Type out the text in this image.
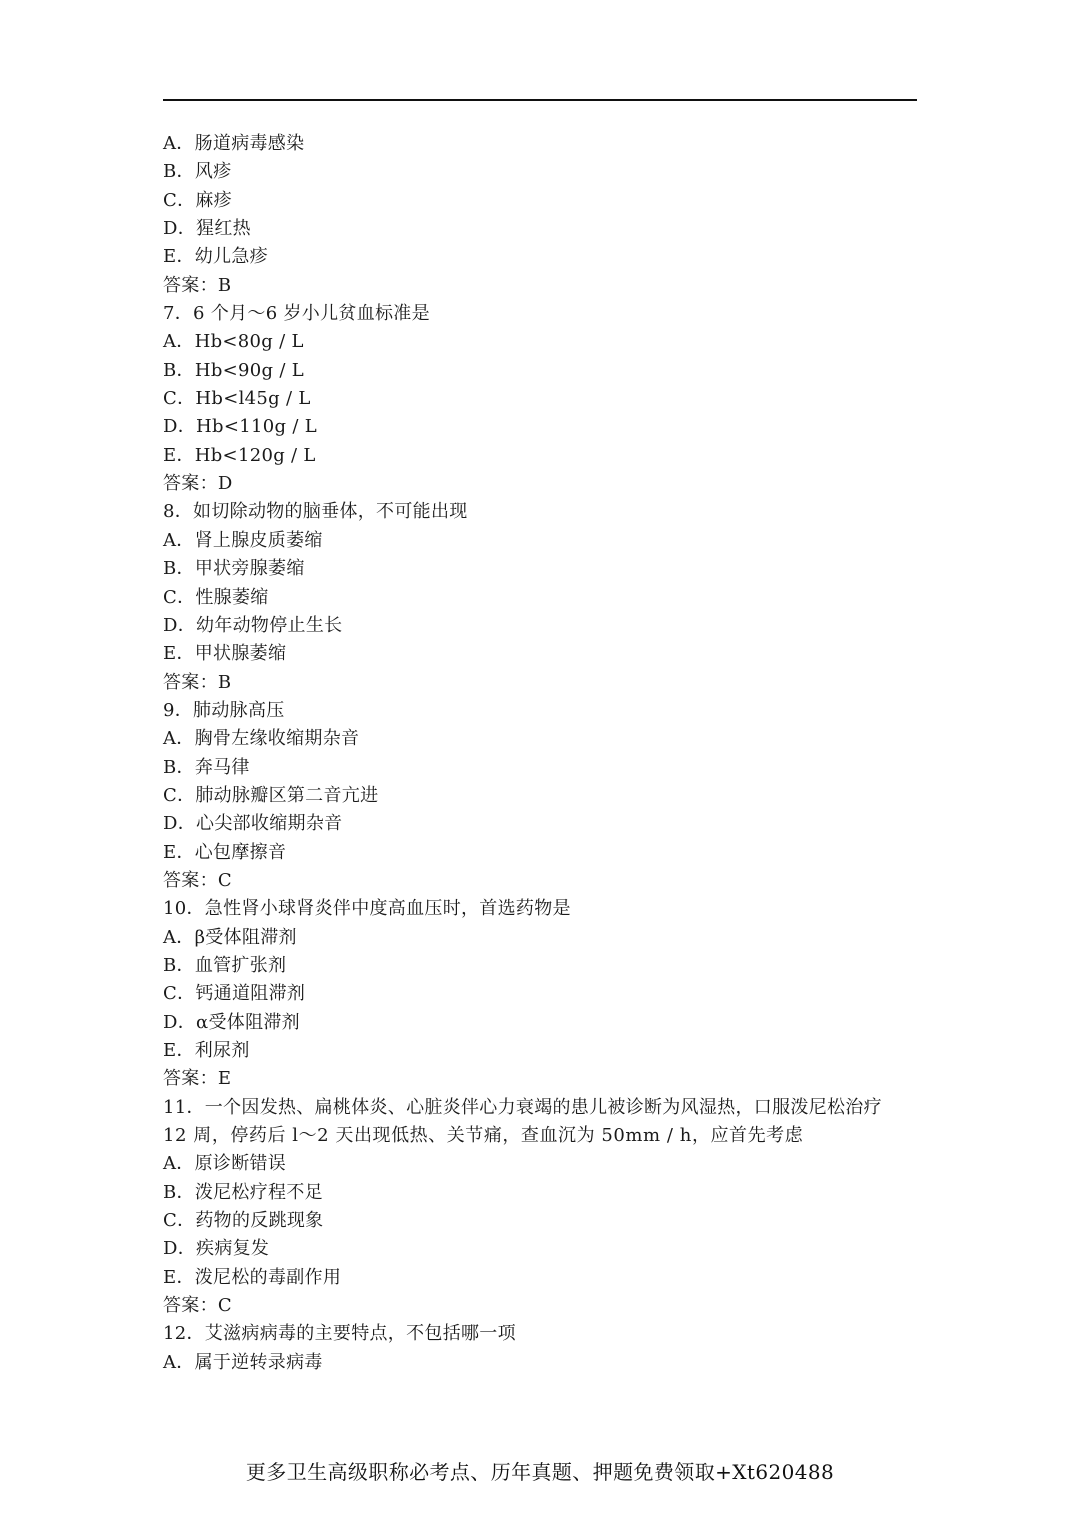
A．肠道病毒感染
B．风疹
C．麻疹
D．猩红热
E．幼儿急疹
答案：B
7．6 个月～6 岁小儿贫血标准是
A．Hb<80g / L
B．Hb<90g / L
C．Hb<l45g / L
D．Hb<110g / L
E．Hb<120g / L
答案：D
8．如切除动物的脑垂体，不可能出现
A．肾上腺皮质萎缩
B．甲状旁腺萎缩
C．性腺萎缩
D．幼年动物停止生长
E．甲状腺萎缩
答案：B
9．肺动脉高压
A．胸骨左缘收缩期杂音
B．奔马律
C．肺动脉瓣区第二音亢进
D．心尖部收缩期杂音
E．心包摩擦音
答案：C
10．急性肾小球肾炎伴中度高血压时，首选药物是
A．β受体阻滞剂
B．血管扩张剂
C．钙通道阻滞剂
D．α受体阻滞剂
E．利尿剂
答案：E
11．一个因发热、扁桃体炎、心脏炎伴心力衰竭的患儿被诊断为风湿热，口服泼尼松治疗
12 周，停药后 l～2 天出现低热、关节痛，查血沉为 50mm / h，应首先考虑
A．原诊断错误
B．泼尼松疗程不足
C．药物的反跳现象
D．疾病复发
E．泼尼松的毒副作用
答案：C
12．艾滋病病毒的主要特点，不包括哪一项
A．属于逆转录病毒
更多卫生高级职称必考点、历年真题、押题免费领取+Xt620488
